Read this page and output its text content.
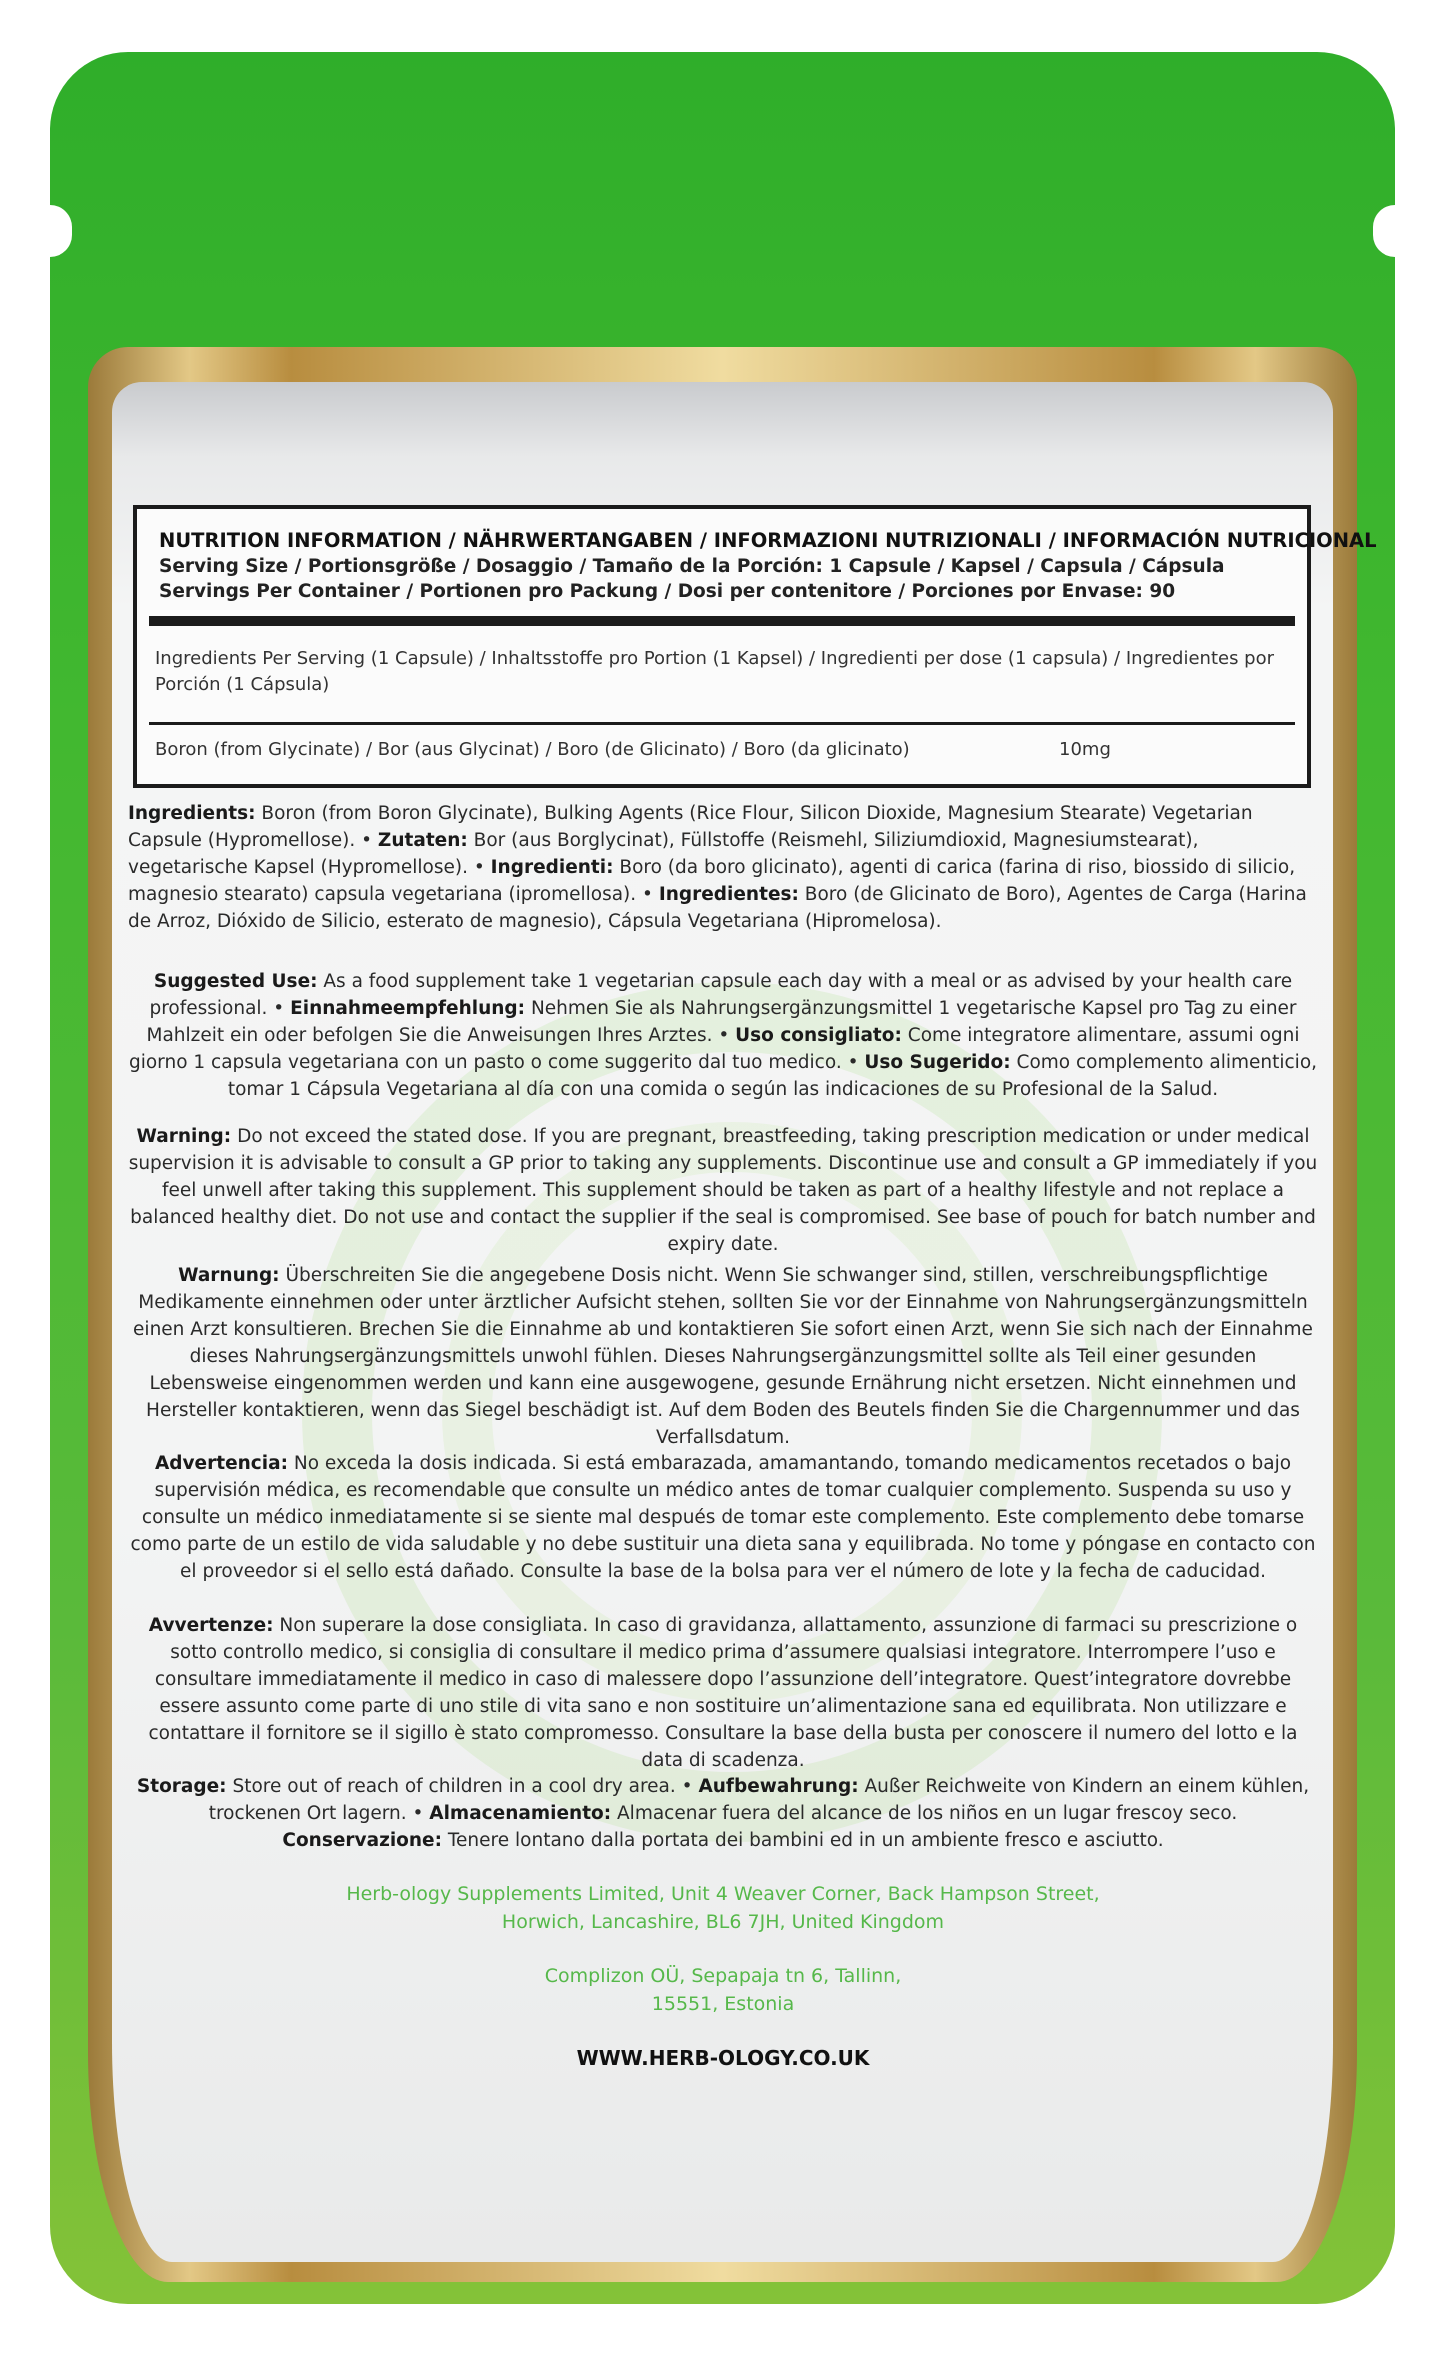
NUTRITION INFORMATION / NÄHRWERTANGABEN / INFORMAZIONI NUTRIZIONALI / INFORMACIÓN NUTRICIONAL
Serving Size / Portionsgröße / Dosaggio / Tamaño de la Porción: 1 Capsule / Kapsel / Capsula / Cápsula
Servings Per Container / Portionen pro Packung / Dosi per contenitore / Porciones por Envase: 90
Ingredients Per Serving (1 Capsule) / Inhaltsstoffe pro Portion (1 Kapsel) / Ingredienti per dose (1 capsula) / Ingredientes por Porción (1 Cápsula)
Boron (from Glycinate) / Bor (aus Glycinat) / Boro (de Glicinato) / Boro (da glicinato)	10mg
Ingredients: Boron (from Boron Glycinate), Bulking Agents (Rice Flour, Silicon Dioxide, Magnesium Stearate) Vegetarian Capsule (Hypromellose). • Zutaten: Bor (aus Borglycinat), Füllstoffe (Reismehl, Siliziumdioxid, Magnesiumstearat), vegetarische Kapsel (Hypromellose). • Ingredienti: Boro (da boro glicinato), agenti di carica (farina di riso, biossido di silicio, magnesio stearato) capsula vegetariana (ipromellosa). • Ingredientes: Boro (de Glicinato de Boro), Agentes de Carga (Harina de Arroz, Dióxido de Silicio, esterato de magnesio), Cápsula Vegetariana (Hipromelosa).
Suggested Use: As a food supplement take 1 vegetarian capsule each day with a meal or as advised by your health care professional. • Einnahmeempfehlung: Nehmen Sie als Nahrungsergänzungsmittel 1 vegetarische Kapsel pro Tag zu einer Mahlzeit ein oder befolgen Sie die Anweisungen Ihres Arztes. • Uso consigliato: Come integratore alimentare, assumi ogni giorno 1 capsula vegetariana con un pasto o come suggerito dal tuo medico. • Uso Sugerido: Como complemento alimenticio, tomar 1 Cápsula Vegetariana al día con una comida o según las indicaciones de su Profesional de la Salud.
Warning: Do not exceed the stated dose. If you are pregnant, breastfeeding, taking prescription medication or under medical supervision it is advisable to consult a GP prior to taking any supplements. Discontinue use and consult a GP immediately if you feel unwell after taking this supplement. This supplement should be taken as part of a healthy lifestyle and not replace a balanced healthy diet. Do not use and contact the supplier if the seal is compromised. See base of pouch for batch number and expiry date.
Warnung: Überschreiten Sie die angegebene Dosis nicht. Wenn Sie schwanger sind, stillen, verschreibungspflichtige Medikamente einnehmen oder unter ärztlicher Aufsicht stehen, sollten Sie vor der Einnahme von Nahrungsergänzungsmitteln einen Arzt konsultieren. Brechen Sie die Einnahme ab und kontaktieren Sie sofort einen Arzt, wenn Sie sich nach der Einnahme dieses Nahrungsergänzungsmittels unwohl fühlen. Dieses Nahrungsergänzungsmittel sollte als Teil einer gesunden Lebensweise eingenommen werden und kann eine ausgewogene, gesunde Ernährung nicht ersetzen. Nicht einnehmen und Hersteller kontaktieren, wenn das Siegel beschädigt ist. Auf dem Boden des Beutels finden Sie die Chargennummer und das Verfallsdatum.
Advertencia: No exceda la dosis indicada. Si está embarazada, amamantando, tomando medicamentos recetados o bajo supervisión médica, es recomendable que consulte un médico antes de tomar cualquier complemento. Suspenda su uso y consulte un médico inmediatamente si se siente mal después de tomar este complemento. Este complemento debe tomarse como parte de un estilo de vida saludable y no debe sustituir una dieta sana y equilibrada. No tome y póngase en contacto con el proveedor si el sello está dañado. Consulte la base de la bolsa para ver el número de lote y la fecha de caducidad.
Avvertenze: Non superare la dose consigliata. In caso di gravidanza, allattamento, assunzione di farmaci su prescrizione o sotto controllo medico, si consiglia di consultare il medico prima d’assumere qualsiasi integratore. Interrompere l’uso e consultare immediatamente il medico in caso di malessere dopo l’assunzione dell’integratore. Quest’integratore dovrebbe essere assunto come parte di uno stile di vita sano e non sostituire un’alimentazione sana ed equilibrata. Non utilizzare e contattare il fornitore se il sigillo è stato compromesso. Consultare la base della busta per conoscere il numero del lotto e la data di scadenza.
Storage: Store out of reach of children in a cool dry area. • Aufbewahrung: Außer Reichweite von Kindern an einem kühlen, trockenen Ort lagern. • Almacenamiento: Almacenar fuera del alcance de los niños en un lugar frescoy seco.
Conservazione: Tenere lontano dalla portata dei bambini ed in un ambiente fresco e asciutto.
Herb-ology Supplements Limited, Unit 4 Weaver Corner, Back Hampson Street,
Horwich, Lancashire, BL6 7JH, United Kingdom
Complizon OÜ, Sepapaja tn 6, Tallinn,
15551, Estonia
WWW.HERB-OLOGY.CO.UK
